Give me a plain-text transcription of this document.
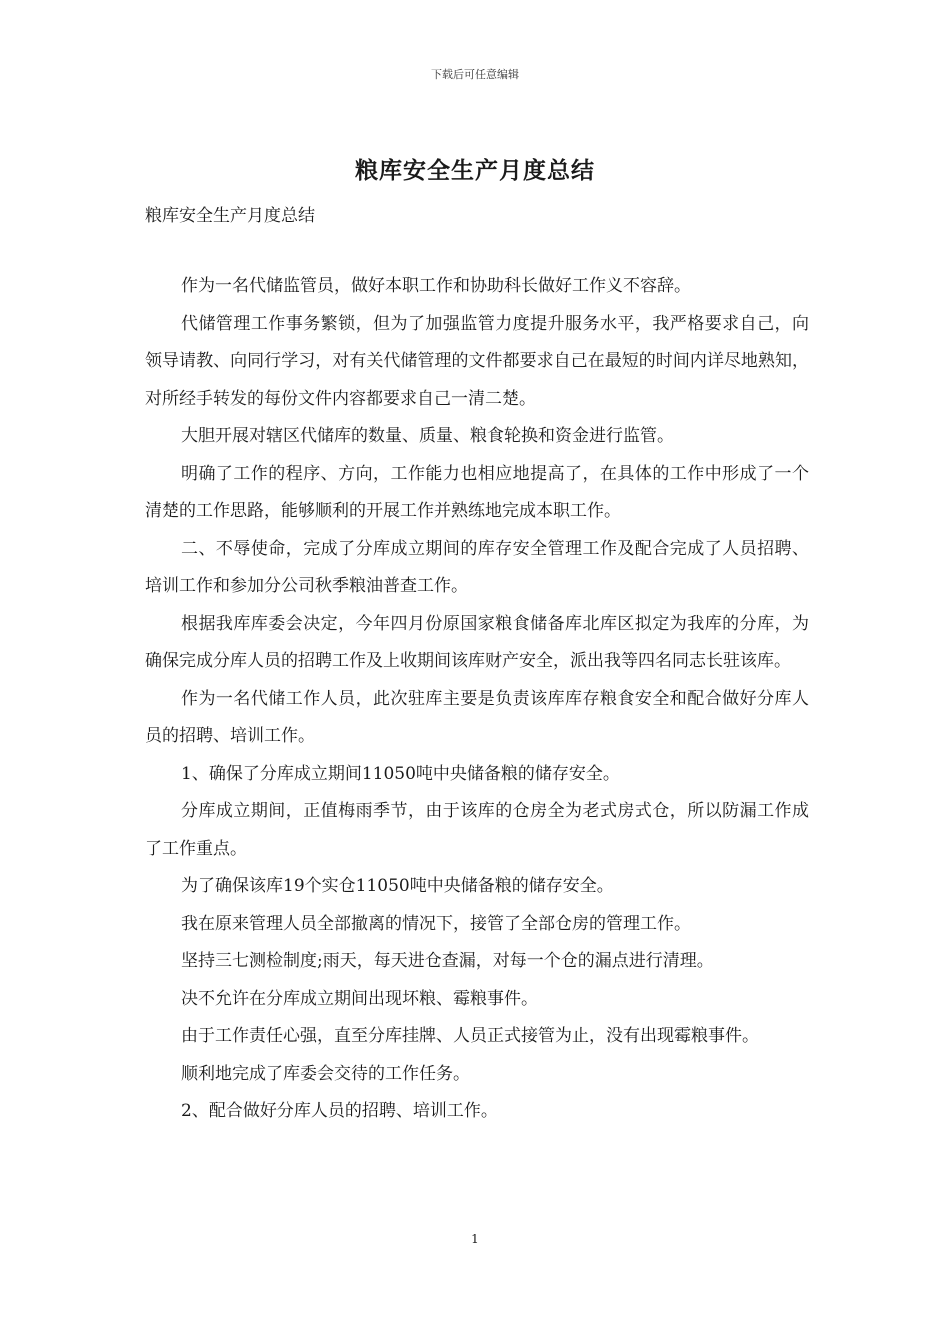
下载后可任意编辑
粮库安全生产月度总结
粮库安全生产月度总结

作为一名代储监管员，做好本职工作和协助科长做好工作义不容辞。

代储管理工作事务繁锁，但为了加强监管力度提升服务水平，我严格要求自己，向领导请教、向同行学习，对有关代储管理的文件都要求自己在最短的时间内详尽地熟知，对所经手转发的每份文件内容都要求自己一清二楚。

大胆开展对辖区代储库的数量、质量、粮食轮换和资金进行监管。

明确了工作的程序、方向，工作能力也相应地提高了，在具体的工作中形成了一个清楚的工作思路，能够顺利的开展工作并熟练地完成本职工作。

二、不辱使命，完成了分库成立期间的库存安全管理工作及配合完成了人员招聘、培训工作和参加分公司秋季粮油普查工作。

根据我库库委会决定，今年四月份原国家粮食储备库北库区拟定为我库的分库，为确保完成分库人员的招聘工作及上收期间该库财产安全，派出我等四名同志长驻该库。

作为一名代储工作人员，此次驻库主要是负责该库库存粮食安全和配合做好分库人员的招聘、培训工作。

1、确保了分库成立期间11050吨中央储备粮的储存安全。

分库成立期间，正值梅雨季节，由于该库的仓房全为老式房式仓，所以防漏工作成了工作重点。

为了确保该库19个实仓11050吨中央储备粮的储存安全。

我在原来管理人员全部撤离的情况下，接管了全部仓房的管理工作。

坚持三七测检制度;雨天，每天进仓查漏，对每一个仓的漏点进行清理。

决不允许在分库成立期间出现坏粮、霉粮事件。

由于工作责任心强，直至分库挂牌、人员正式接管为止，没有出现霉粮事件。

顺利地完成了库委会交待的工作任务。

2、配合做好分库人员的招聘、培训工作。

1
